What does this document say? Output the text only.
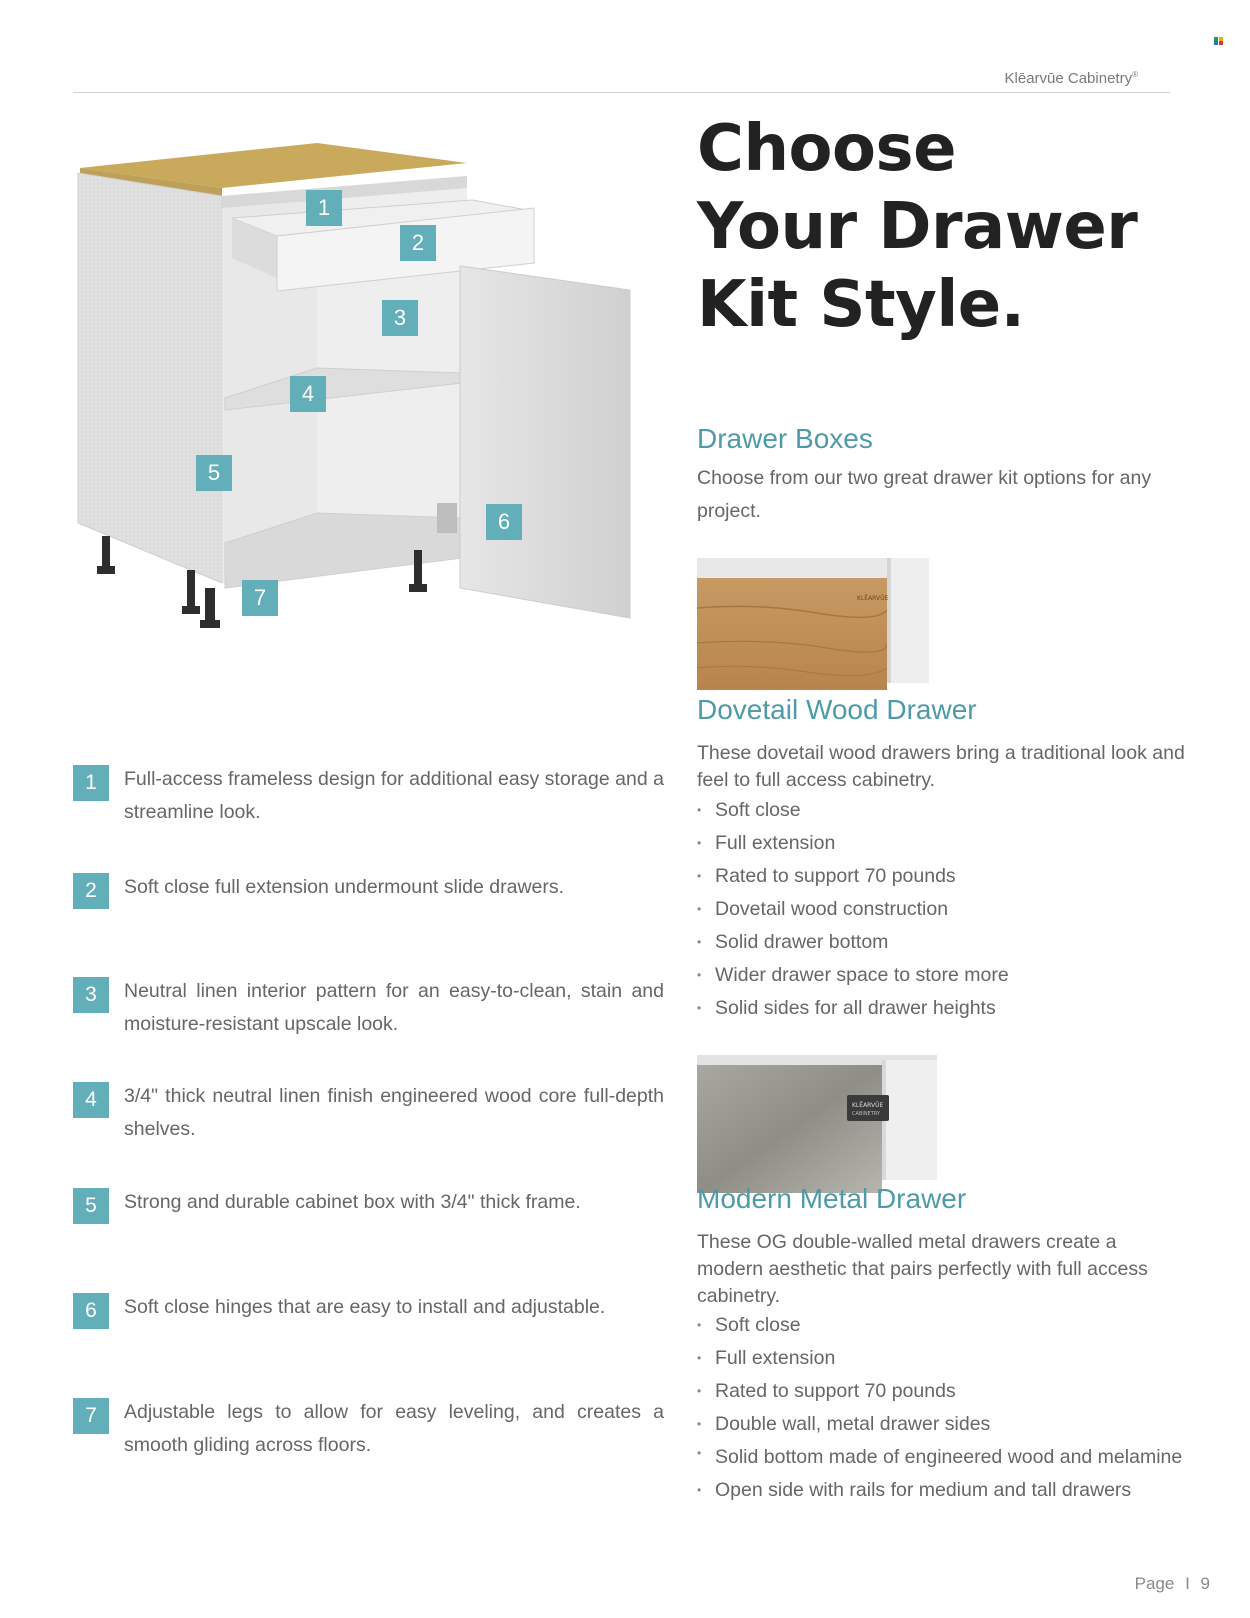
Klēarvūe Cabinetry®
1
2
3
4
5
6
7
1	Full-access frameless design for additional easy storage and a streamline look.
2	Soft close full extension undermount slide drawers.
3	Neutral linen interior pattern for an easy-to-clean, stain and moisture-resistant upscale look.
4	3/4" thick neutral linen finish engineered wood core full-depth shelves.
5	Strong and durable cabinet box with 3/4" thick frame.
6	Soft close hinges that are easy to install and adjustable.
7	Adjustable legs to allow for easy leveling, and creates a smooth gliding across floors.
Choose
Your Drawer
Kit Style.
Drawer Boxes
Choose from our two great drawer kit options for any project.
KLĒARVŪE
Dovetail Wood Drawer
These dovetail wood drawers bring a traditional look and feel to full access cabinetry.
• Soft close
• Full extension
• Rated to support 70 pounds
• Dovetail wood construction
• Solid drawer bottom
• Wider drawer space to store more
• Solid sides for all drawer heights
KLĒARVŪE
CABINETRY
Modern Metal Drawer
These OG double-walled metal drawers create a modern aesthetic that pairs perfectly with full access cabinetry.
• Soft close
• Full extension
• Rated to support 70 pounds
• Double wall, metal drawer sides
• Solid bottom made of engineered wood and melamine
• Open side with rails for medium and tall drawers
Page I 9
